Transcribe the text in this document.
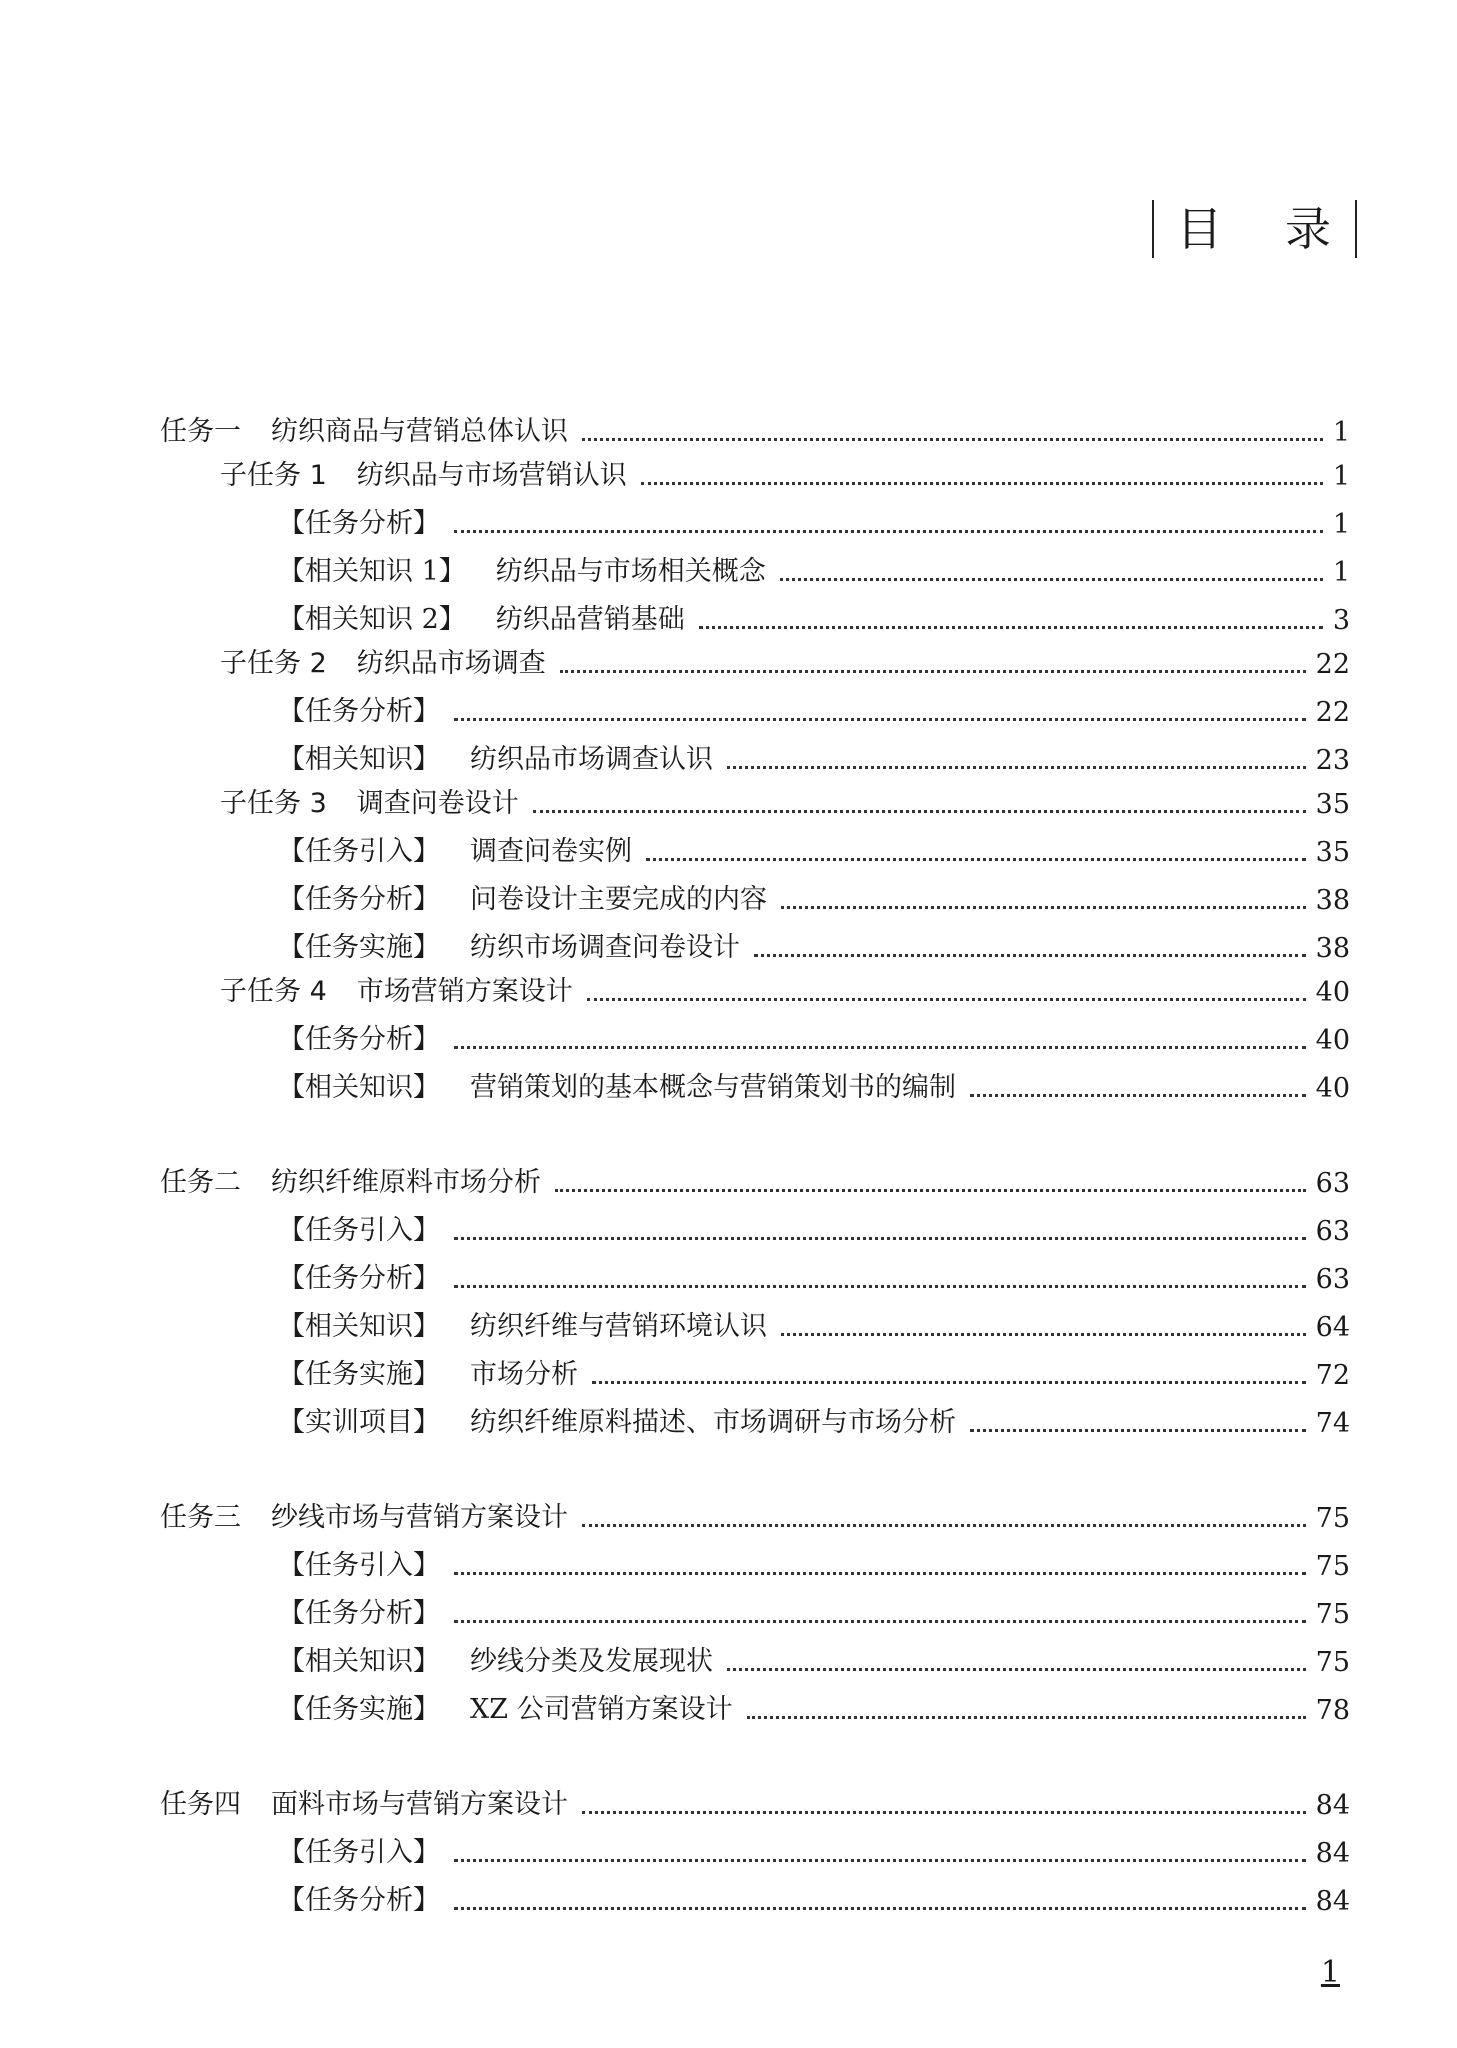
目 录
任务一 纺织商品与营销总体认识	1
子任务 1 纺织品与市场营销认识	1
【任务分析】	1
【相关知识 1】 纺织品与市场相关概念	1
【相关知识 2】 纺织品营销基础	3
子任务 2 纺织品市场调查	22
【任务分析】	22
【相关知识】 纺织品市场调查认识	23
子任务 3 调查问卷设计	35
【任务引入】 调查问卷实例	35
【任务分析】 问卷设计主要完成的内容	38
【任务实施】 纺织市场调查问卷设计	38
子任务 4 市场营销方案设计	40
【任务分析】	40
【相关知识】 营销策划的基本概念与营销策划书的编制	40
任务二 纺织纤维原料市场分析	63
【任务引入】	63
【任务分析】	63
【相关知识】 纺织纤维与营销环境认识	64
【任务实施】 市场分析	72
【实训项目】 纺织纤维原料描述、市场调研与市场分析	74
任务三 纱线市场与营销方案设计	75
【任务引入】	75
【任务分析】	75
【相关知识】 纱线分类及发展现状	75
【任务实施】 XZ 公司营销方案设计	78
任务四 面料市场与营销方案设计	84
【任务引入】	84
【任务分析】	84
1
